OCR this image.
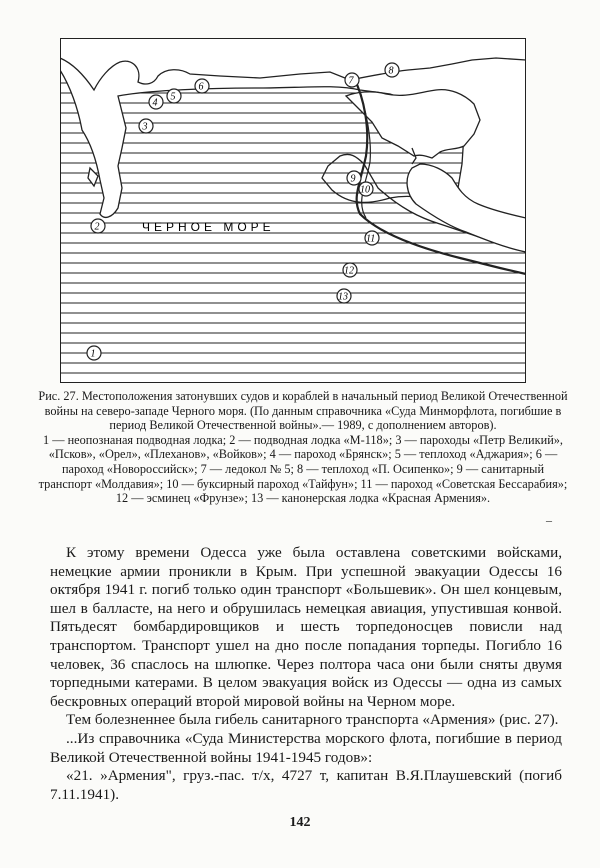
ЧЕРНОЕ МОРЕ
1
2
3
4
5
6
7
8
9
10
11
12
13

Рис. 27. Местоположения затонувших судов и кораблей в начальный период Великой Отечественной войны на северо-западе Черного моря. (По данным справочника «Суда Минморфлота, погибшие в период Великой Отечественной войны».— 1989, с дополнением авторов).

1 — неопознаная подводная лодка; 2 — подводная лодка «М-118»; 3 — пароходы «Петр Великий», «Псков», «Орел», «Плеханов», «Войков»; 4 — пароход «Брянск»; 5 — теплоход «Аджария»; 6 — пароход «Новороссийск»; 7 — ледокол № 5; 8 — теплоход «П. Осипенко»; 9 — санитарный транспорт «Молдавия»; 10 — буксирный пароход «Тайфун»; 11 — пароход «Советская Бессарабия»; 12 — эсминец «Фрунзе»; 13 — канонерская лодка «Красная Армения».

–

К этому времени Одесса уже была оставлена советскими войсками, немецкие армии проникли в Крым. При успешной эвакуации Одессы 16 октября 1941 г. погиб только один транспорт «Большевик». Он шел концевым, шел в балласте, на него и обрушилась немецкая авиация, упустившая конвой. Пятьдесят бомбардировщиков и шесть торпедоносцев повисли над транспортом. Транспорт ушел на дно после попадания торпеды. Погибло 16 человек, 36 спаслось на шлюпке. Через полтора часа они были сняты двумя торпедными катерами. В целом эвакуация войск из Одессы — одна из самых бескровных операций второй мировой войны на Черном море.

Тем болезненнее была гибель санитарного транспорта «Армения» (рис. 27).

...Из справочника «Суда Министерства морского флота, погибшие в период Великой Отечественной войны 1941-1945 годов»:

«21. »Армения", груз.-пас. т/х, 4727 т, капитан В.Я.Плаушевский (погиб 7.11.1941).

142
